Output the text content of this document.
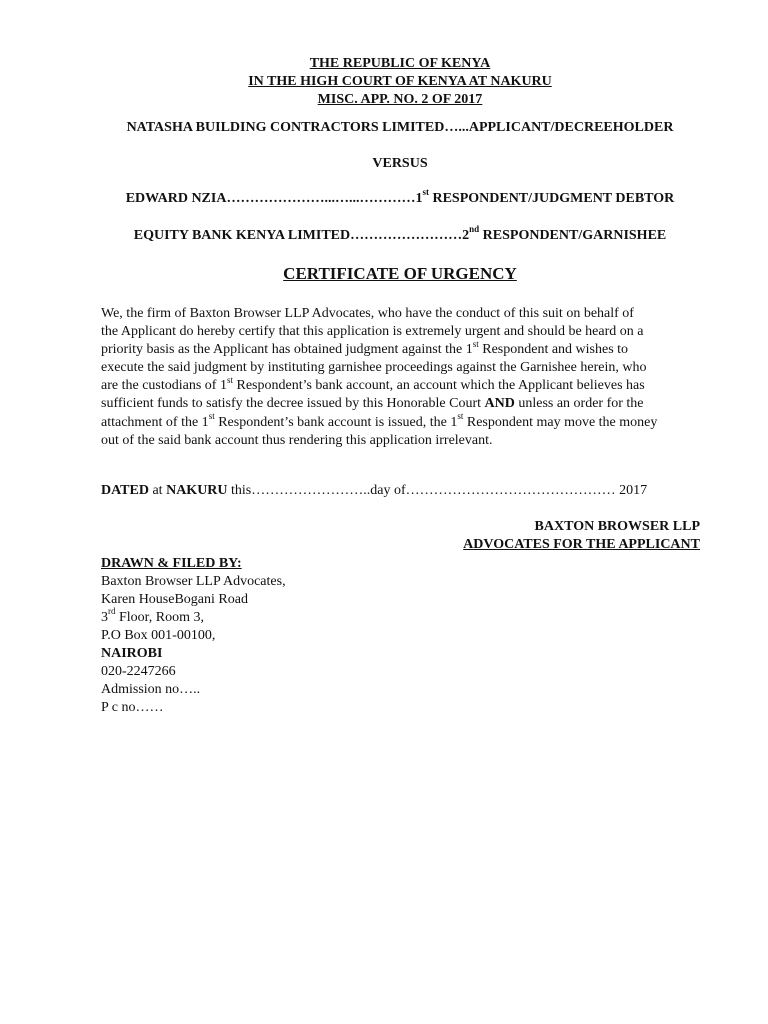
THE REPUBLIC OF KENYA
IN THE HIGH COURT OF KENYA AT NAKURU
MISC. APP. NO. 2 OF 2017
NATASHA BUILDING CONTRACTORS LIMITED…...APPLICANT/DECREEHOLDER
VERSUS
EDWARD NZIA…………………...…...…………1st RESPONDENT/JUDGMENT DEBTOR
EQUITY BANK KENYA LIMITED……………………2nd RESPONDENT/GARNISHEE
CERTIFICATE OF URGENCY
We, the firm of Baxton Browser LLP Advocates, who have the conduct of this suit on behalf of
the Applicant do hereby certify that this application is extremely urgent and should be heard on a
priority basis as the Applicant has obtained judgment against the 1st Respondent and wishes to
execute the said judgment by instituting garnishee proceedings against the Garnishee herein, who
are the custodians of 1st Respondent’s bank account, an account which the Applicant believes has
sufficient funds to satisfy the decree issued by this Honorable Court AND unless an order for the
attachment of the 1st Respondent’s bank account is issued, the 1st Respondent may move the money
out of the said bank account thus rendering this application irrelevant.
DATED at NAKURU this……………………..day of……………………………………… 2017
BAXTON BROWSER LLP
ADVOCATES FOR THE APPLICANT
DRAWN & FILED BY:
Baxton Browser LLP Advocates,
Karen HouseBogani Road
3rd Floor, Room 3,
P.O Box 001-00100,
NAIROBI
020-2247266
Admission no…..
P c no……
